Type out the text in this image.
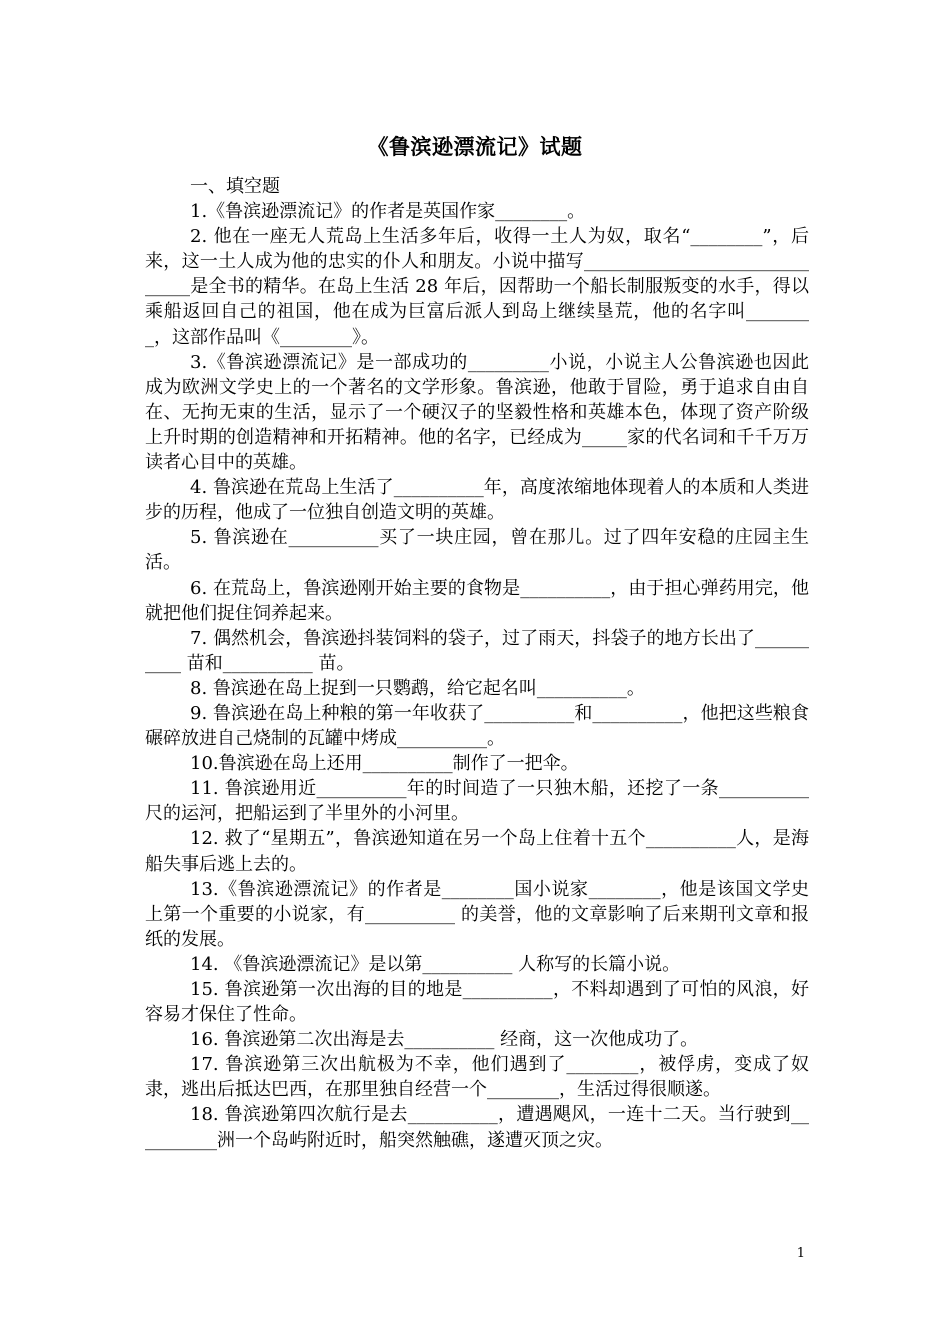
《鲁滨逊漂流记》试题

一、填空题

1.《鲁滨逊漂流记》的作者是英国作家________。

2. 他在一座无人荒岛上生活多年后，收得一土人为奴，取名“________”，后来，这一土人成为他的忠实的仆人和朋友。小说中描写______________________________是全书的精华。在岛上生活 28 年后，因帮助一个船长制服叛变的水手，得以乘船返回自己的祖国，他在成为巨富后派人到岛上继续垦荒，他的名字叫________，这部作品叫《________》。

3.《鲁滨逊漂流记》是一部成功的_________小说，小说主人公鲁滨逊也因此成为欧洲文学史上的一个著名的文学形象。鲁滨逊，他敢于冒险，勇于追求自由自在、无拘无束的生活，显示了一个硬汉子的坚毅性格和英雄本色，体现了资产阶级上升时期的创造精神和开拓精神。他的名字，已经成为_____家的代名词和千千万万读者心目中的英雄。

4. 鲁滨逊在荒岛上生活了__________年，高度浓缩地体现着人的本质和人类进步的历程，他成了一位独自创造文明的英雄。

5. 鲁滨逊在__________买了一块庄园，曾在那儿。过了四年安稳的庄园主生活。

6. 在荒岛上，鲁滨逊刚开始主要的食物是__________，由于担心弹药用完，他就把他们捉住饲养起来。

7. 偶然机会，鲁滨逊抖装饲料的袋子，过了雨天，抖袋子的地方长出了__________ 苗和__________ 苗。

8. 鲁滨逊在岛上捉到一只鹦鹉，给它起名叫__________。

9. 鲁滨逊在岛上种粮的第一年收获了__________和__________，他把这些粮食碾碎放进自己烧制的瓦罐中烤成__________。

10.鲁滨逊在岛上还用__________制作了一把伞。

11. 鲁滨逊用近__________年的时间造了一只独木船，还挖了一条__________尺的运河，把船运到了半里外的小河里。

12. 救了“星期五”，鲁滨逊知道在另一个岛上住着十五个__________人，是海船失事后逃上去的。

13.《鲁滨逊漂流记》的作者是________国小说家________，他是该国文学史上第一个重要的小说家，有__________ 的美誉，他的文章影响了后来期刊文章和报纸的发展。

14. 《鲁滨逊漂流记》是以第__________ 人称写的长篇小说。

15. 鲁滨逊第一次出海的目的地是__________，不料却遇到了可怕的风浪，好容易才保住了性命。

16. 鲁滨逊第二次出海是去__________ 经商，这一次他成功了。

17. 鲁滨逊第三次出航极为不幸，他们遇到了________，被俘虏，变成了奴隶，逃出后抵达巴西，在那里独自经营一个________，生活过得很顺遂。

18. 鲁滨逊第四次航行是去__________，遭遇飓风，一连十二天。当行驶到__________洲一个岛屿附近时，船突然触礁，遂遭灭顶之灾。

1
